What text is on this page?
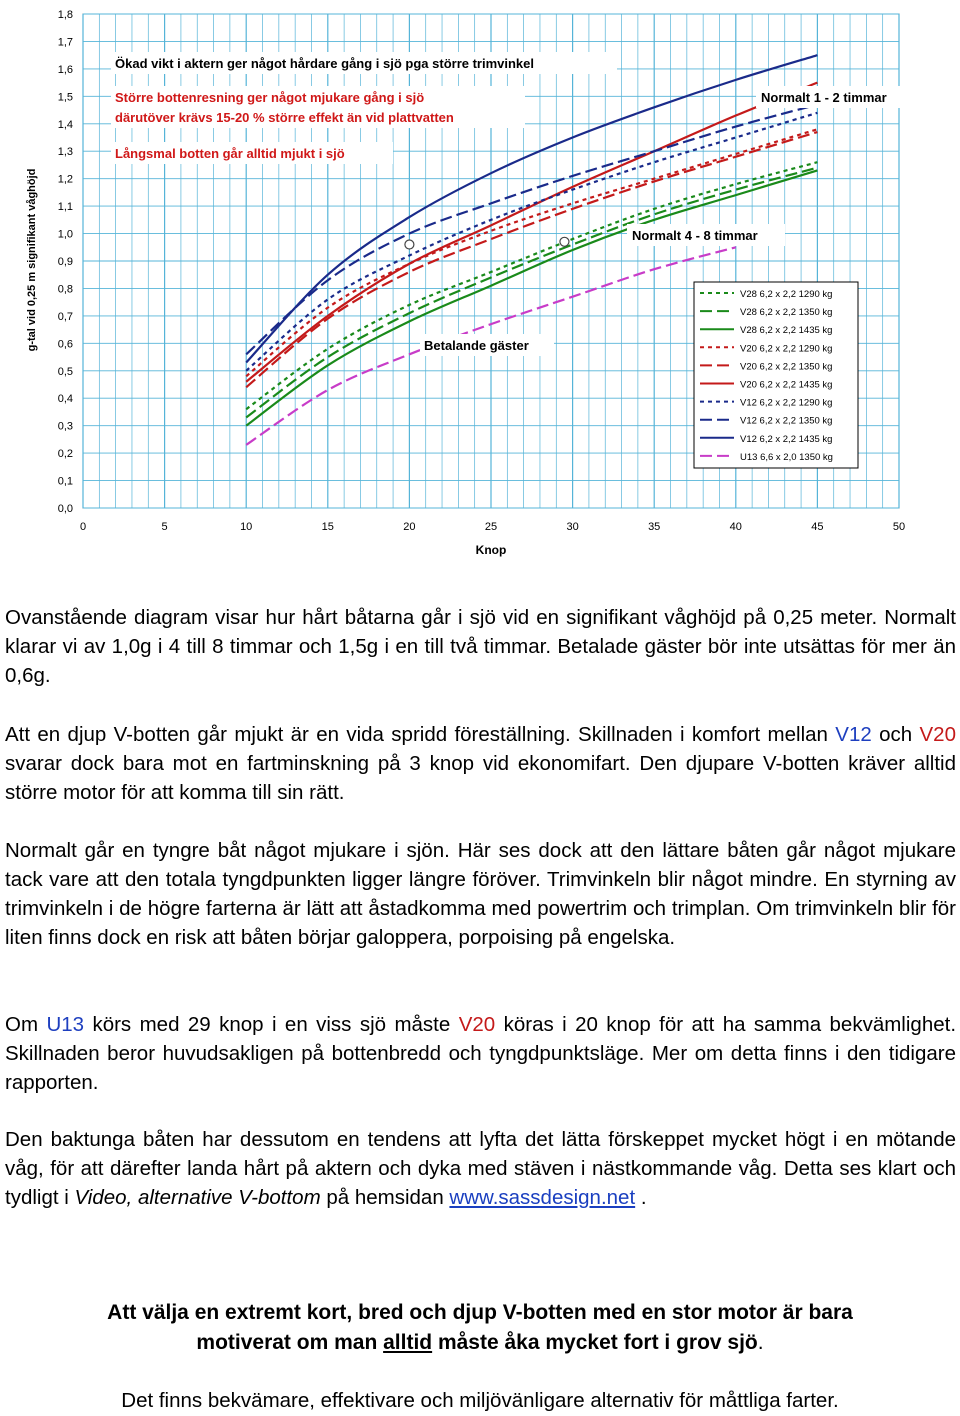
0,0
0,1
0,2
0,3
0,4
0,5
0,6
0,7
0,8
0,9
1,0
1,1
1,2
1,3
1,4
1,5
1,6
1,7
1,8
0	5	10	15	20	25	30	35	40	45	50
g-tal vid 0,25 m signifikant våghöjd
Knop
Ökad vikt i aktern ger något hårdare gång i sjö pga större trimvinkel
Större bottenresning ger något mjukare gång i sjö
därutöver krävs 15-20 % större effekt än vid plattvatten
Långsmal botten går alltid mjukt i sjö
Normalt 1 - 2 timmar
Normalt 4 - 8 timmar
Betalande gäster
V28 6,2 x 2,2 1290 kg
V28 6,2 x 2,2 1350 kg
V28 6,2 x 2,2 1435 kg
V20 6,2 x 2,2 1290 kg
V20 6,2 x 2,2 1350 kg
V20 6,2 x 2,2 1435 kg
V12 6,2 x 2,2 1290 kg
V12 6,2 x 2,2 1350 kg
V12 6,2 x 2,2 1435 kg
U13 6,6 x 2,0 1350 kg

Ovanstående diagram visar hur hårt båtarna går i sjö vid en signifikant våghöjd på 0,25 meter. Normalt klarar vi av 1,0g i 4 till 8 timmar och 1,5g i en till två timmar. Betalade gäster bör inte utsättas för mer än 0,6g.

Att en djup V-botten går mjukt är en vida spridd föreställning. Skillnaden i komfort mellan V12 och V20 svarar dock bara mot en fartminskning på 3 knop vid ekonomifart. Den djupare V-botten kräver alltid större motor för att komma till sin rätt.

Normalt går en tyngre båt något mjukare i sjön. Här ses dock att den lättare båten går något mjukare tack vare att den totala tyngdpunkten ligger längre föröver. Trimvinkeln blir något mindre. En styrning av trimvinkeln i de högre farterna är lätt att åstadkomma med powertrim och trimplan. Om trimvinkeln blir för liten finns dock en risk att båten börjar galoppera, porpoising på engelska.

Om U13 körs med 29 knop i en viss sjö måste V20 köras i 20 knop för att ha samma bekvämlighet. Skillnaden beror huvudsakligen på bottenbredd och tyngdpunktsläge. Mer om detta finns i den tidigare rapporten.

Den baktunga båten har dessutom en tendens att lyfta det lätta förskeppet mycket högt i en mötande våg, för att därefter landa hårt på aktern och dyka med stäven i nästkommande våg. Detta ses klart och tydligt i Video, alternative V-bottom på hemsidan www.sassdesign.net .

Att välja en extremt kort, bred och djup V-botten med en stor motor är bara

motiverat om man alltid måste åka mycket fort i grov sjö.

Det finns bekvämare, effektivare och miljövänligare alternativ för måttliga farter.
